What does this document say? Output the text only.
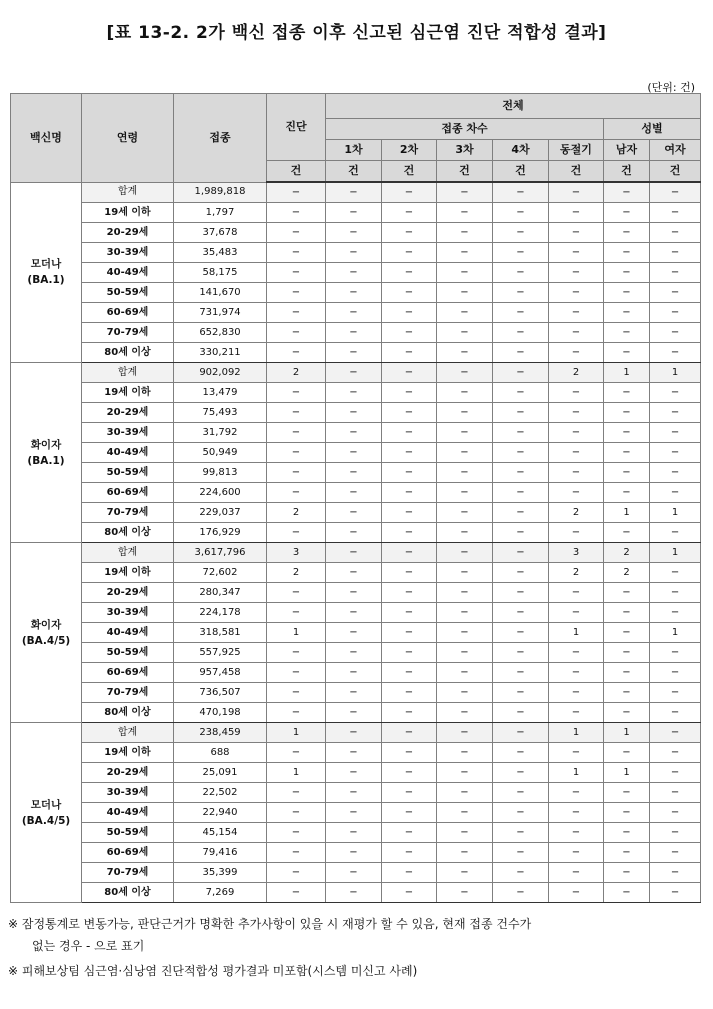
[표 13-2. 2가 백신 접종 이후 신고된 심근염 진단 적합성 결과]
(단위: 건)
백신명	연령	접종	진단	전체						
				접종 차수					성별	
				1차	2차	3차	4차	동절기	남자	여자
			건	건	건	건	건	건	건	건
모더나
(BA.1)	합계	1,989,818	−	−	−	−	−	−	−	−
	19세 이하	1,797	−	−	−	−	−	−	−	−
	20-29세	37,678	−	−	−	−	−	−	−	−
	30-39세	35,483	−	−	−	−	−	−	−	−
	40-49세	58,175	−	−	−	−	−	−	−	−
	50-59세	141,670	−	−	−	−	−	−	−	−
	60-69세	731,974	−	−	−	−	−	−	−	−
	70-79세	652,830	−	−	−	−	−	−	−	−
	80세 이상	330,211	−	−	−	−	−	−	−	−
화이자
(BA.1)	합계	902,092	2	−	−	−	−	2	1	1
	19세 이하	13,479	−	−	−	−	−	−	−	−
	20-29세	75,493	−	−	−	−	−	−	−	−
	30-39세	31,792	−	−	−	−	−	−	−	−
	40-49세	50,949	−	−	−	−	−	−	−	−
	50-59세	99,813	−	−	−	−	−	−	−	−
	60-69세	224,600	−	−	−	−	−	−	−	−
	70-79세	229,037	2	−	−	−	−	2	1	1
	80세 이상	176,929	−	−	−	−	−	−	−	−
화이자
(BA.4/5)	합계	3,617,796	3	−	−	−	−	3	2	1
	19세 이하	72,602	2	−	−	−	−	2	2	−
	20-29세	280,347	−	−	−	−	−	−	−	−
	30-39세	224,178	−	−	−	−	−	−	−	−
	40-49세	318,581	1	−	−	−	−	1	−	1
	50-59세	557,925	−	−	−	−	−	−	−	−
	60-69세	957,458	−	−	−	−	−	−	−	−
	70-79세	736,507	−	−	−	−	−	−	−	−
	80세 이상	470,198	−	−	−	−	−	−	−	−
모더나
(BA.4/5)	합계	238,459	1	−	−	−	−	1	1	−
	19세 이하	688	−	−	−	−	−	−	−	−
	20-29세	25,091	1	−	−	−	−	1	1	−
	30-39세	22,502	−	−	−	−	−	−	−	−
	40-49세	22,940	−	−	−	−	−	−	−	−
	50-59세	45,154	−	−	−	−	−	−	−	−
	60-69세	79,416	−	−	−	−	−	−	−	−
	70-79세	35,399	−	−	−	−	−	−	−	−
	80세 이상	7,269	−	−	−	−	−	−	−	−
※ 잠정통계로 변동가능, 판단근거가 명확한 추가사항이 있을 시 재평가 할 수 있음, 현재 접종 건수가
없는 경우 - 으로 표기
※ 피해보상팀 심근염·심낭염 진단적합성 평가결과 미포함(시스템 미신고 사례)
